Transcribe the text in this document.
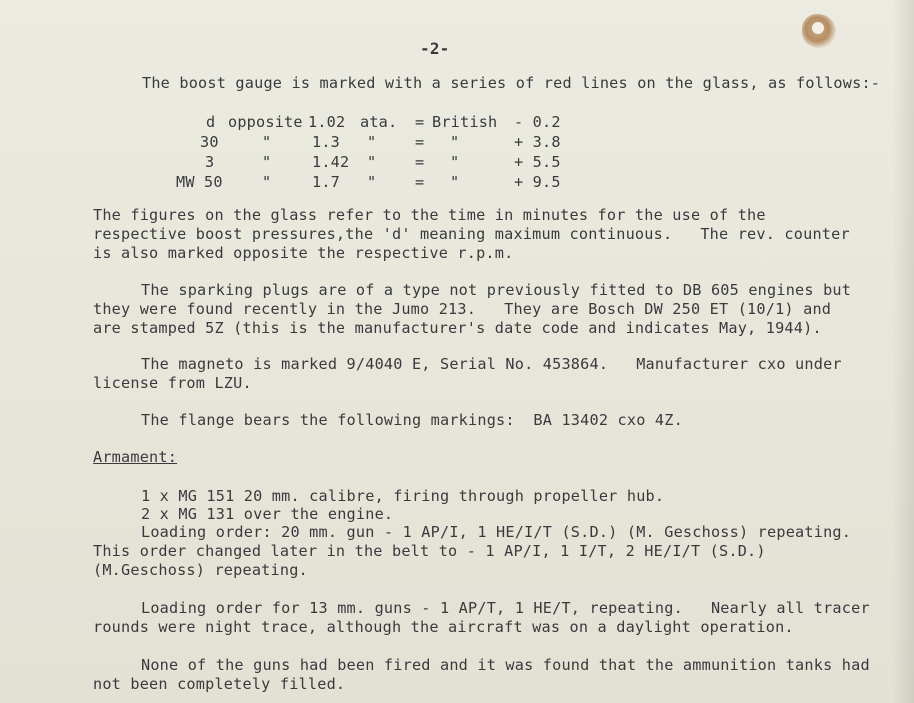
-2-
The boost gauge is marked with a series of red lines on the glass, as follows:-
d opposite 1.02 ata. = British - 0.2
30	"	1.3 "	= "	+ 3.8
3	"	1.42 "	= "	+ 5.5
MW 50	"	1.7 "	= "	+ 9.5
The figures on the glass refer to the time in minutes for the use of the
respective boost pressures,the 'd' meaning maximum continuous.   The rev. counter
is also marked opposite the respective r.p.m.
The sparking plugs are of a type not previously fitted to DB 605 engines but
they were found recently in the Jumo 213.   They are Bosch DW 250 ET (10/1) and
are stamped 5Z (this is the manufacturer's date code and indicates May, 1944).
The magneto is marked 9/4040 E, Serial No. 453864.   Manufacturer cxo under
license from LZU.
The flange bears the following markings:  BA 13402 cxo 4Z.
Armament:
1 x MG 151 20 mm. calibre, firing through propeller hub.
2 x MG 131 over the engine.
Loading order: 20 mm. gun - 1 AP/I, 1 HE/I/T (S.D.) (M. Geschoss) repeating.
This order changed later in the belt to - 1 AP/I, 1 I/T, 2 HE/I/T (S.D.)
(M.Geschoss) repeating.
Loading order for 13 mm. guns - 1 AP/T, 1 HE/T, repeating.   Nearly all tracer
rounds were night trace, although the aircraft was on a daylight operation.
None of the guns had been fired and it was found that the ammunition tanks had
not been completely filled.
